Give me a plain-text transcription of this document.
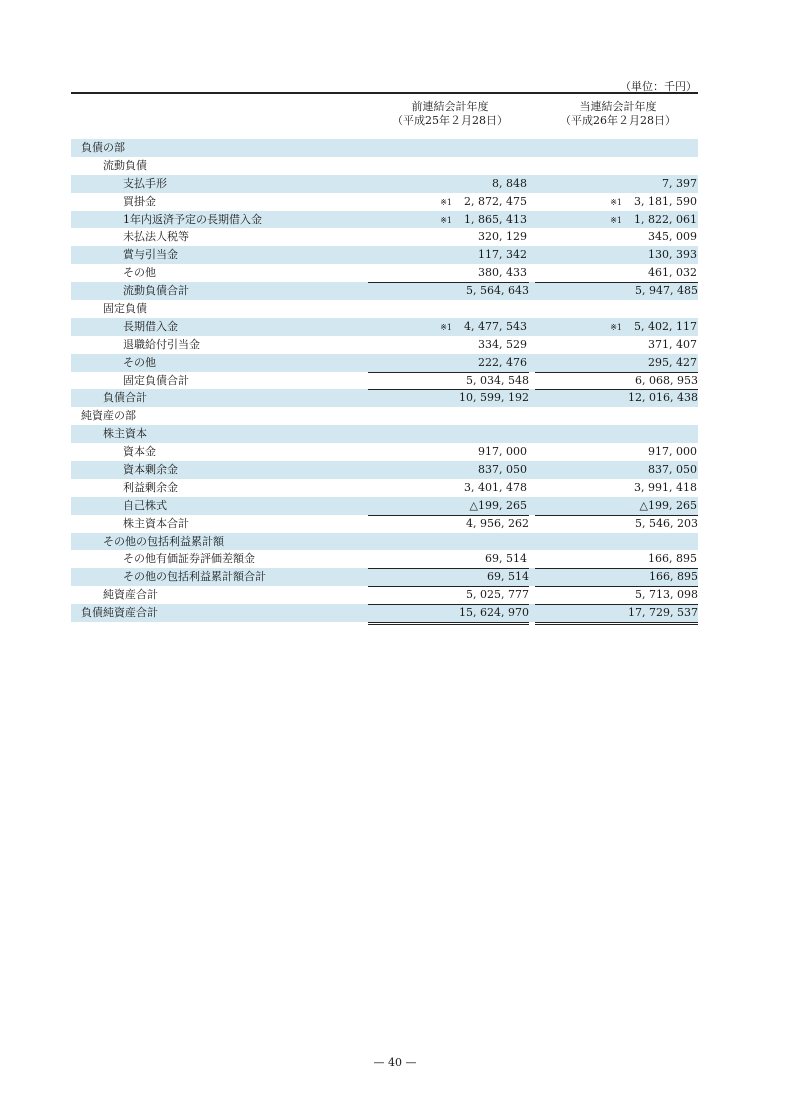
（単位：千円）
前連結会計年度
（平成25年２月28日）
当連結会計年度
（平成26年２月28日）
負債の部
流動負債
支払手形	8, 848	7, 397
買掛金	※1 2, 872, 475	※1 3, 181, 590
1年内返済予定の長期借入金	※1 1, 865, 413	※1 1, 822, 061
未払法人税等	320, 129	345, 009
賞与引当金	117, 342	130, 393
その他	380, 433	461, 032
流動負債合計	5, 564, 643	5, 947, 485
固定負債
長期借入金	※1 4, 477, 543	※1 5, 402, 117
退職給付引当金	334, 529	371, 407
その他	222, 476	295, 427
固定負債合計	5, 034, 548	6, 068, 953
負債合計	10, 599, 192	12, 016, 438
純資産の部
株主資本
資本金	917, 000	917, 000
資本剰余金	837, 050	837, 050
利益剰余金	3, 401, 478	3, 991, 418
自己株式	△199, 265	△199, 265
株主資本合計	4, 956, 262	5, 546, 203
その他の包括利益累計額
その他有価証券評価差額金	69, 514	166, 895
その他の包括利益累計額合計	69, 514	166, 895
純資産合計	5, 025, 777	5, 713, 098
負債純資産合計	15, 624, 970	17, 729, 537
— 40 —
